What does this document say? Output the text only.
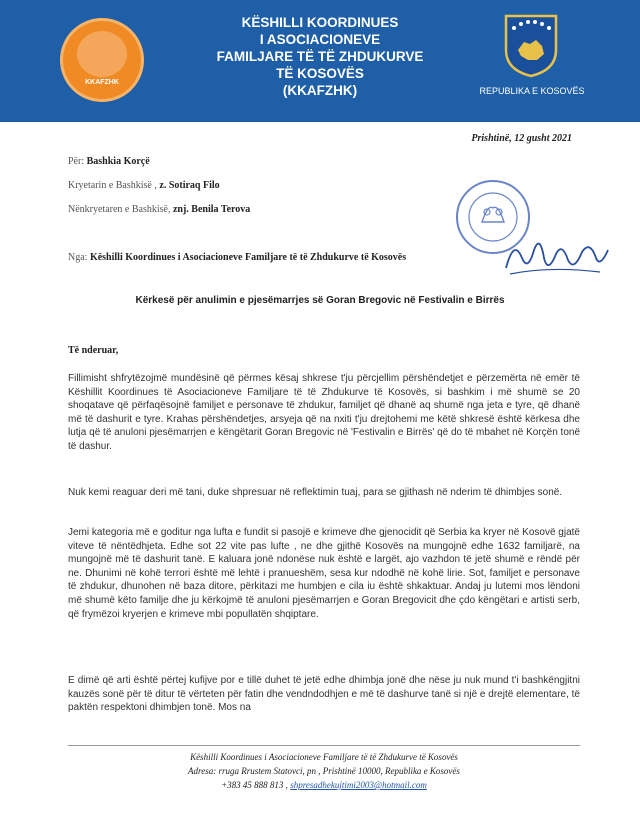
KKAFZHK
KËSHILLI KOORDINUES
I ASOCIACIONEVE
FAMILJARE TË TË ZHDUKURVE
TË KOSOVËS
(KKAFZHK)	REPUBLIKA E KOSOVËS
Prishtinë, 12 gusht 2021
Për: Bashkia Korçë
Kryetarin e Bashkisë , z. Sotiraq Filo
Nënkryetaren e Bashkisë, znj. Benila Terova
Nga: Këshilli Koordinues i Asociacioneve Familjare të të Zhdukurve të Kosovës
Kërkesë për anulimin e pjesëmarrjes së Goran Bregovic në Festivalin e Birrës
Të nderuar,

Fillimisht shfrytëzojmë mundësinë që përmes kësaj shkrese t'ju përcjellim përshëndetjet e përzemërta në emër të Këshillit Koordinues të Asociacioneve Familjare të të Zhdukurve të Kosovës, si bashkim i më shumë se 20 shoqatave që përfaqësojnë familjet e personave të zhdukur, familjet që dhanë aq shumë nga jeta e tyre, që dhanë më të dashurit e tyre. Krahas përshëndetjes, arsyeja që na nxiti t'ju drejtohemi me këtë shkresë është kërkesa dhe lutja që të anuloni pjesëmarrjen e këngëtarit Goran Bregovic në 'Festivalin e Birrës' që do të mbahet në Korçën tonë të dashur.

Nuk kemi reaguar deri më tani, duke shpresuar në reflektimin tuaj, para se gjithash në nderim të dhimbjes sonë.

Jemi kategoria më e goditur nga lufta e fundit si pasojë e krimeve dhe gjenocidit që Serbia ka kryer në Kosovë gjatë viteve të nëntëdhjeta. Edhe sot 22 vite pas lufte , ne dhe gjithë Kosovës na mungojnë edhe 1632 familjarë, na mungojnë më të dashurit tanë. E kaluara jonë ndonëse nuk është e largët, ajo vazhdon të jetë shumë e rëndë për ne. Dhunimi në kohë terrori është më lehtë i pranueshëm, sesa kur ndodhë në kohë lirie. Sot, familjet e personave të zhdukur, dhunohen në baza ditore, përkitazi me humbjen e cila iu është shkaktuar. Andaj ju lutemi mos lëndoni më shumë këto familje dhe ju kërkojmë të anuloni pjesëmarrjen e Goran Bregovicit dhe çdo këngëtari e artisti serb, që frymëzoi kryerjen e krimeve mbi popullatën shqiptare.

E dimë që arti është përtej kufijve por e tillë duhet të jetë edhe dhimbja jonë dhe nëse ju nuk mund t'i bashkëngjitni kauzës sonë për të ditur të vërteten për fatin dhe vendndodhjen e më të dashurve tanë si një e drejtë elementare, të paktën respektoni dhimbjen tonë. Mos na

Këshilli Koordinues i Asociacioneve Familjare të të Zhdukurve të Kosovës
Adresa: rruga Rrustem Statovci, pn , Prishtinë 10000, Republika e Kosovës
+383 45 888 813 , shpresadhekujtimi2003@hotmail.com
